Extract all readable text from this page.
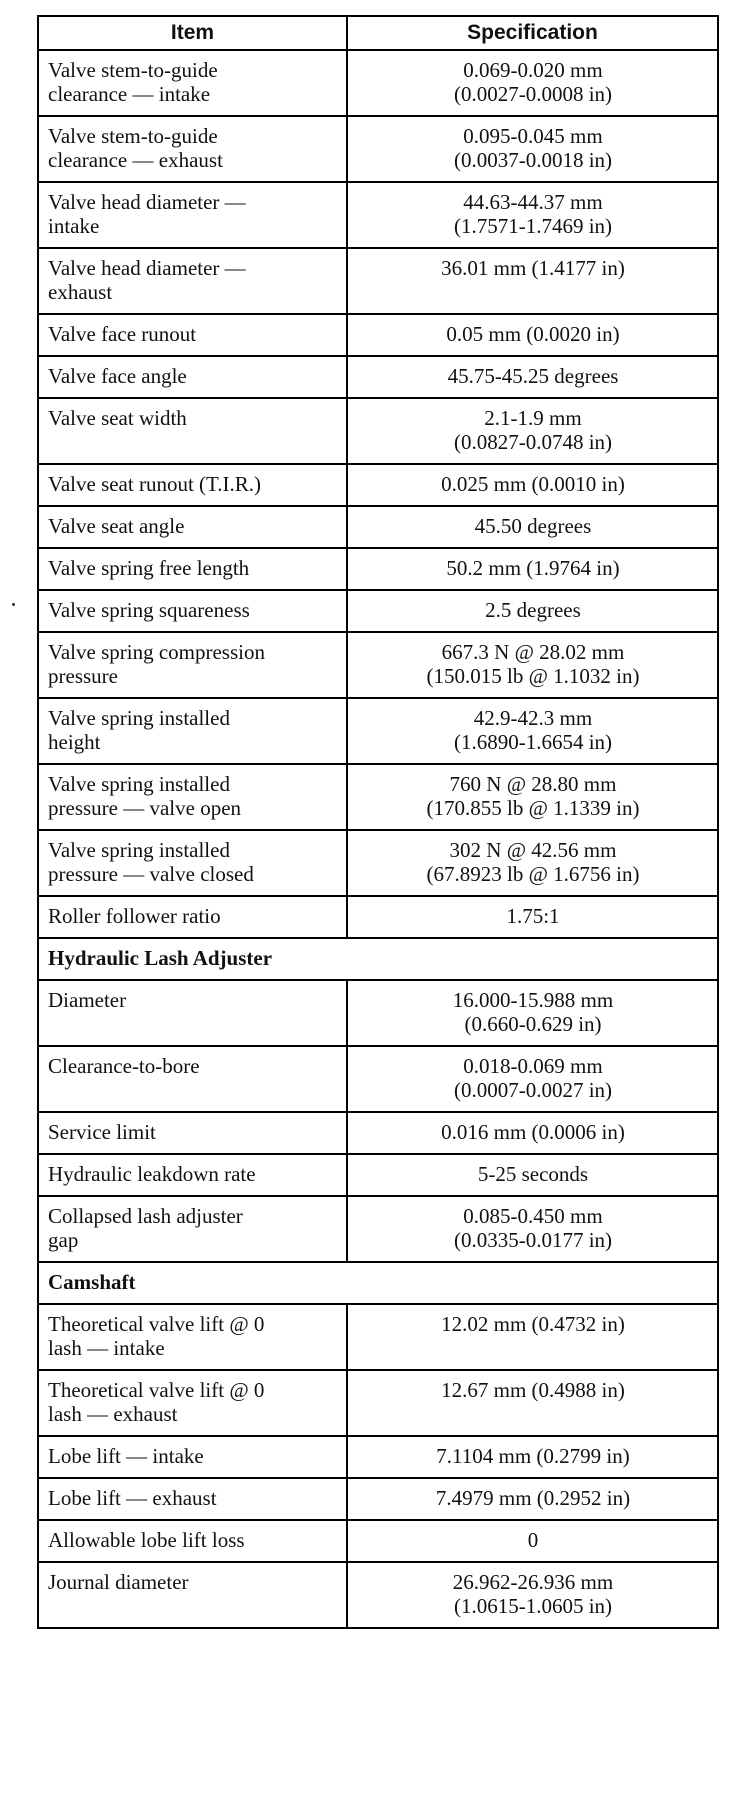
Item	Specification

Valve stem-to-guide
clearance — intake	0.069-0.020 mm
(0.0027-0.0008 in)

Valve stem-to-guide
clearance — exhaust	0.095-0.045 mm
(0.0037-0.0018 in)

Valve head diameter —
intake	44.63-44.37 mm
(1.7571-1.7469 in)

Valve head diameter —
exhaust	36.01 mm (1.4177 in)

Valve face runout	0.05 mm (0.0020 in)

Valve face angle	45.75-45.25 degrees

Valve seat width	2.1-1.9 mm
(0.0827-0.0748 in)

Valve seat runout (T.I.R.)	0.025 mm (0.0010 in)

Valve seat angle	45.50 degrees

Valve spring free length	50.2 mm (1.9764 in)

Valve spring squareness	2.5 degrees

Valve spring compression
pressure	667.3 N @ 28.02 mm
(150.015 lb @ 1.1032 in)

Valve spring installed
height	42.9-42.3 mm
(1.6890-1.6654 in)

Valve spring installed
pressure — valve open	760 N @ 28.80 mm
(170.855 lb @ 1.1339 in)

Valve spring installed
pressure — valve closed	302 N @ 42.56 mm
(67.8923 lb @ 1.6756 in)

Roller follower ratio	1.75:1

Hydraulic Lash Adjuster	

Diameter	16.000-15.988 mm
(0.660-0.629 in)

Clearance-to-bore	0.018-0.069 mm
(0.0007-0.0027 in)

Service limit	0.016 mm (0.0006 in)

Hydraulic leakdown rate	5-25 seconds

Collapsed lash adjuster
gap	0.085-0.450 mm
(0.0335-0.0177 in)

Camshaft	

Theoretical valve lift @ 0
lash — intake	12.02 mm (0.4732 in)

Theoretical valve lift @ 0
lash — exhaust	12.67 mm (0.4988 in)

Lobe lift — intake	7.1104 mm (0.2799 in)

Lobe lift — exhaust	7.4979 mm (0.2952 in)

Allowable lobe lift loss	0

Journal diameter	26.962-26.936 mm
(1.0615-1.0605 in)
